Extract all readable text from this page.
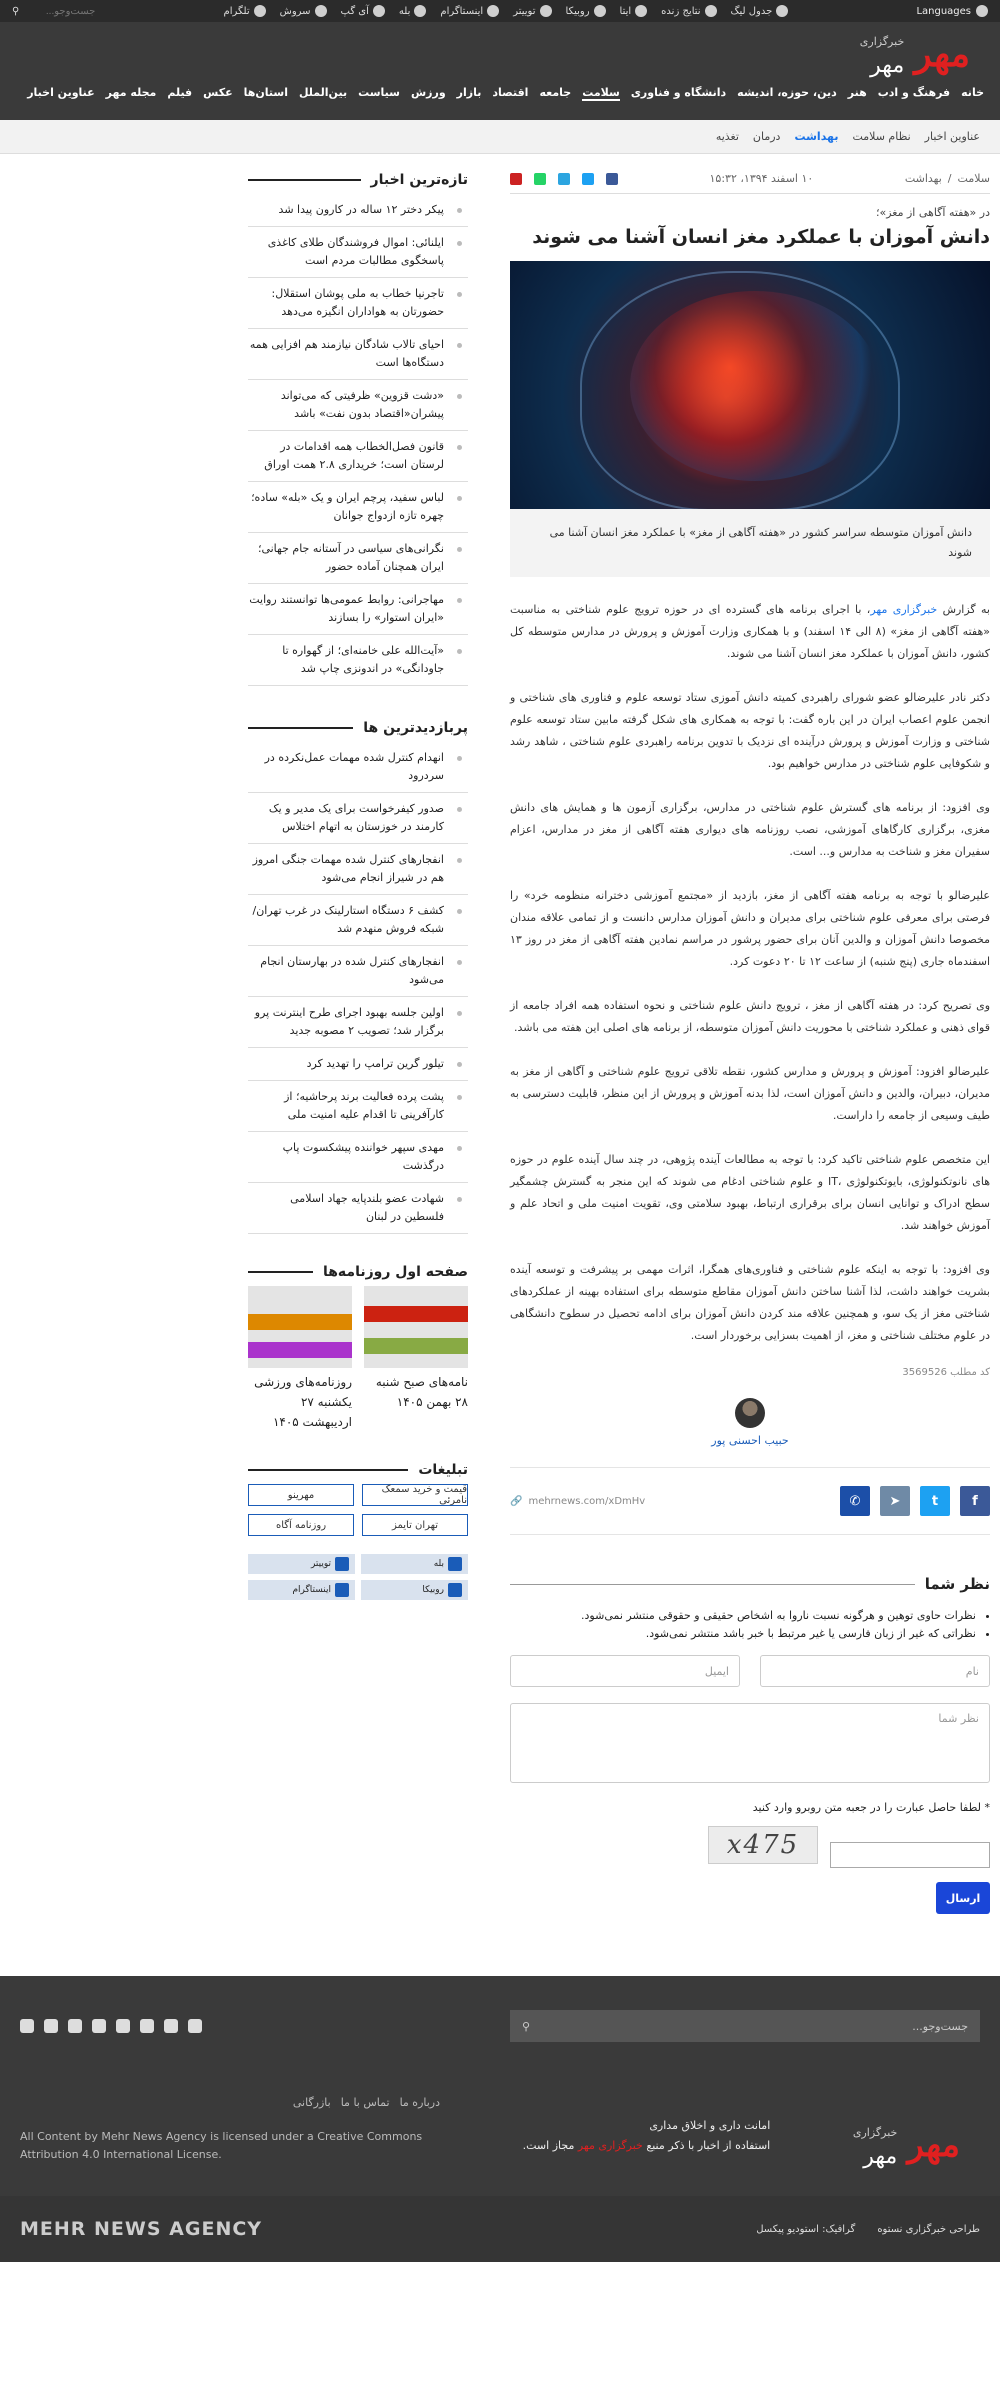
Languages
جدول لیگ
نتایج زنده
ایتا
روبیکا
توییتر
اینستاگرام
بله
آی گپ
سروش
تلگرام
جست‌وجو...
⚲
مهر
خبرگزاری
مهر
خانه
فرهنگ و ادب
هنر
دین، حوزه، اندیشه
دانشگاه و فناوری
سلامت
جامعه
اقتصاد
بازار
ورزش
سیاست
بین‌الملل
استان‌ها
عکس
فیلم
مجله مهر
عناوین اخبار
عناوین اخبار
نظام سلامت
بهداشت
درمان
تغذیه
سلامت
/
بهداشت
۱۰ اسفند ۱۳۹۴، ۱۵:۳۲
در «هفته آگاهی از مغز»؛
دانش آموزان با عملکرد مغز انسان آشنا می شوند
دانش آموزان متوسطه سراسر کشور در «هفته آگاهی از مغز» با عملکرد مغز انسان آشنا می شوند

به گزارش خبرگزاری مهر، با اجرای برنامه های گسترده ای در حوزه ترویج علوم شناختی به مناسبت «هفته آگاهی از مغز» (۸ الی ۱۴ اسفند) و با همکاری وزارت آموزش و پرورش در مدارس متوسطه کل کشور، دانش آموزان با عملکرد مغز انسان آشنا می شوند.

دکتر نادر علیرضالو عضو شورای راهبردی کمیته دانش آموزی ستاد توسعه علوم و فناوری های شناختی و انجمن علوم اعصاب ایران در این باره گفت: با توجه به همکاری های شکل گرفته مابین ستاد توسعه علوم شناختی و وزارت آموزش و پرورش درآینده ای نزدیک با تدوین برنامه راهبردی علوم شناختی ، شاهد رشد و شکوفایی علوم شناختی در مدارس خواهیم بود.

وی افزود: از برنامه های گسترش علوم شناختی در مدارس، برگزاری آزمون ها و همایش های دانش مغزی، برگزاری کارگاهای آموزشی، نصب روزنامه های دیواری هفته آگاهی از مغز در مدارس، اعزام سفیران مغز و شناخت به مدارس و... است.

علیرضالو با توجه به برنامه هفته آگاهی از مغز، بازدید از «مجتمع آموزشی دخترانه منظومه خرد» را فرصتی برای معرفی علوم شناختی برای مدیران و دانش آموزان مدارس دانست و از تمامی علاقه مندان مخصوصا دانش آموزان و والدین آنان برای حضور پرشور در مراسم نمادین هفته آگاهی از مغز در روز ۱۳ اسفندماه جاری (پنج شنبه) از ساعت ۱۲ تا ۲۰ دعوت کرد.

وی تصریح کرد: در هفته آگاهی از مغز ، ترویج دانش علوم شناختی و نحوه استفاده همه افراد جامعه از قوای ذهنی و عملکرد شناختی با محوریت دانش آموزان متوسطه، از برنامه های اصلی این هفته می باشد.

علیرضالو افزود: آموزش و پرورش و مدارس کشور، نقطه تلاقی ترویج علوم شناختی و آگاهی از مغز به مدیران، دبیران، والدین و دانش آموزان است، لذا بدنه آموزش و پرورش از این منظر، قابلیت دسترسی به طیف وسیعی از جامعه را داراست.

این متخصص علوم شناختی تاکید کرد: با توجه به مطالعات آینده پژوهی، در چند سال آینده علوم در حوزه های نانوتکنولوژی، بایوتکنولوژی ،IT و علوم شناختی ادغام می شوند که این منجر به گسترش چشمگیر سطح ادراک و توانایی انسان برای برقراری ارتباط، بهبود سلامتی وی، تقویت امنیت ملی و اتحاد علم و آموزش خواهند شد.

وی افزود: با توجه به اینکه علوم شناختی و فناوری‌های همگرا، اثرات مهمی بر پیشرفت و توسعه آینده بشریت خواهند داشت، لذا آشنا ساختن دانش آموزان مقاطع متوسطه برای استفاده بهینه از عملکردهای شناختی مغز از یک سو، و همچنین علاقه مند کردن دانش آموزان برای ادامه تحصیل در سطوح دانشگاهی در علوم مختلف شناختی و مغز، از اهمیت بسزایی برخوردار است.

کد مطلب 3569526
حبیب احسنی پور
f
t
➤
✆
mehrnews.com/xDmHv
🔗
نظر شما
• نظرات حاوی توهین و هرگونه نسبت ناروا به اشخاص حقیقی و حقوقی منتشر نمی‌شود.
• نظراتی که غیر از زبان فارسی یا غیر مرتبط با خبر باشد منتشر نمی‌شود.
نام
ایمیل
نظر شما
* لطفا حاصل عبارت را در جعبه متن روبرو وارد کنید
x475
ارسال
تازه‌ترین اخبار
پیکر دختر ۱۲ ساله در کارون پیدا شد
ایلنائی: اموال فروشندگان طلای کاغذی پاسخگوی مطالبات مردم است
تاجرنیا خطاب به ملی پوشان استقلال: حضورتان به هواداران انگیزه می‌دهد
احیای تالاب شادگان نیازمند هم افزایی همه دستگاه‌ها است
«دشت قزوین» ظرفیتی که می‌تواند پیشران«اقتصاد بدون نفت» باشد
قانون فصل‌الخطاب همه اقدامات در لرستان است؛ خریداری ۲.۸ همت اوراق
لباس سفید، پرچم ایران و یک «بله» ساده؛ چهره تازه ازدواج جوانان
نگرانی‌های سیاسی در آستانه جام جهانی؛ ایران همچنان آماده حضور
مهاجرانی: روابط عمومی‌ها توانستند روایت «ایران استوار» را بسازند
«آیت‌الله علی خامنه‌ای؛ از گهواره تا جاودانگی» در اندونزی چاپ شد
پربازدیدترین ها
انهدام کنترل شده مهمات عمل‌نکرده در سردرود
صدور کیفرخواست برای یک مدیر و یک کارمند در خوزستان به اتهام اختلاس
انفجارهای کنترل شده مهمات جنگی امروز هم در شیراز انجام می‌شود
کشف ۶ دستگاه استارلینک در غرب تهران/ شبکه فروش منهدم شد
انفجارهای کنترل شده در بهارستان انجام می‌شود
اولین جلسه بهبود اجرای طرح اینترنت پرو برگزار شد؛ تصویب ۲ مصوبه جدید
تیلور گرین ترامپ را تهدید کرد
پشت پرده فعالیت برند پرحاشیه؛ از کارآفرینی تا اقدام علیه امنیت ملی
مهدی سپهر خواننده پیشکسوت پاپ درگذشت
شهادت عضو بلندپایه جهاد اسلامی فلسطین در لبنان
صفحه اول روزنامه‌ها
نامه‌های صبح شنبه ۲۸ بهمن ۱۴۰۵
روزنامه‌های ورزشی یکشنبه ۲۷ اردیبهشت ۱۴۰۵
تبلیغات
قیمت و خرید سمعک نامرئی
مهرینو
تهران تایمز
روزنامه آگاه
بله
توییتر
روبیکا
اینستاگرام
جست‌وجو...
⚲
مهر
خبرگزاری
مهر
امانت داری و اخلاق مداری
استفاده از اخبار با ذکر منبع خبرگزاری مهر مجاز است.
درباره ما
تماس با ما
بازرگانی
All Content by Mehr News Agency is licensed under a Creative Commons Attribution 4.0 International License.
طراحی خبرگزاری نستوه
گرافیک: استودیو پیکسل
MEHR NEWS AGENCY
